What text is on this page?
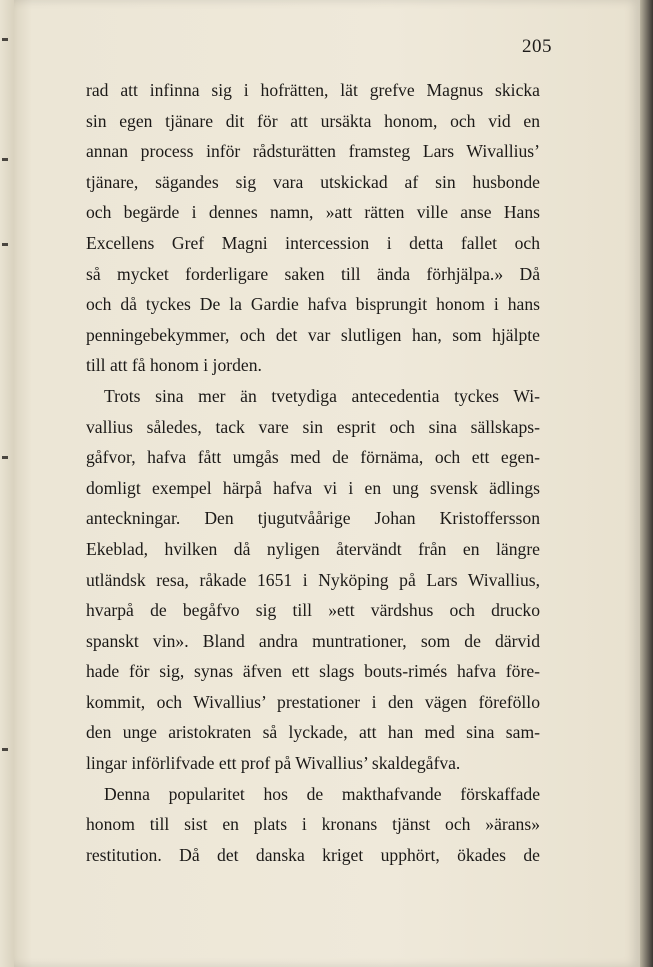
205
rad att infinna sig i hofrätten, lät grefve Magnus skicka
sin egen tjänare dit för att ursäkta honom, och vid en
annan process inför rådsturätten framsteg Lars Wivallius’
tjänare, sägandes sig vara utskickad af sin husbonde
och begärde i dennes namn, »att rätten ville anse Hans
Excellens Gref Magni intercession i detta fallet och
så mycket forderligare saken till ända förhjälpa.» Då
och då tyckes De la Gardie hafva bisprungit honom i hans
penningebekymmer, och det var slutligen han, som hjälpte
till att få honom i jorden.
Trots sina mer än tvetydiga antecedentia tyckes Wi-
vallius således, tack vare sin esprit och sina sällskaps-
gåfvor, hafva fått umgås med de förnäma, och ett egen-
domligt exempel härpå hafva vi i en ung svensk ädlings
anteckningar. Den tjugutvåårige Johan Kristoffersson
Ekeblad, hvilken då nyligen återvändt från en längre
utländsk resa, råkade 1651 i Nyköping på Lars Wivallius,
hvarpå de begåfvo sig till »ett värdshus och drucko
spanskt vin». Bland andra muntrationer, som de därvid
hade för sig, synas äfven ett slags bouts-rimés hafva före-
kommit, och Wivallius’ prestationer i den vägen föreföllo
den unge aristokraten så lyckade, att han med sina sam-
lingar införlifvade ett prof på Wivallius’ skaldegåfva.
Denna popularitet hos de makthafvande förskaffade
honom till sist en plats i kronans tjänst och »ärans»
restitution. Då det danska kriget upphört, ökades de
